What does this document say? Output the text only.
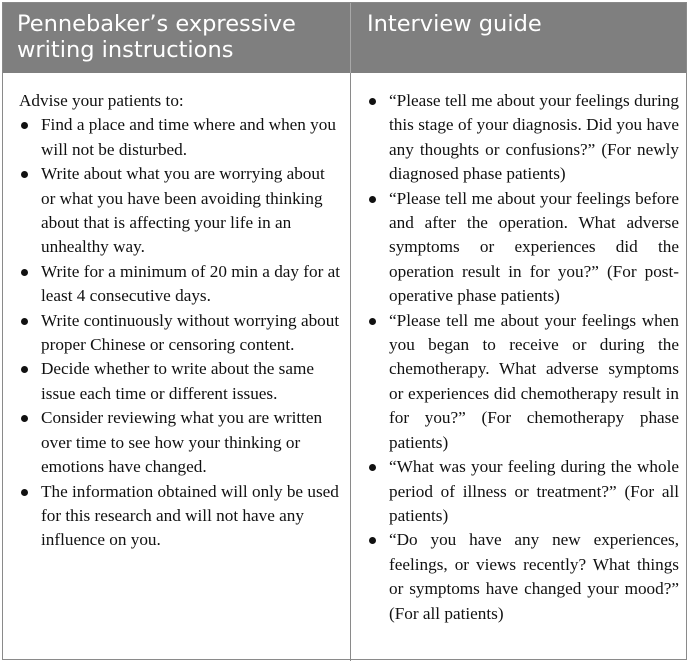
Pennebaker’s expressive writing instructions
Interview guide

Advise your patients to:

Find a place and time where and when you will not be disturbed.
Write about what you are worrying about or what you have been avoiding thinking about that is affecting your life in an unhealthy way.
Write for a minimum of 20 min a day for at least 4 consecutive days.
Write continuously without worrying about proper Chinese or censoring content.
Decide whether to write about the same issue each time or different issues.
Consider reviewing what you are written over time to see how your thinking or emotions have changed.
The information obtained will only be used for this research and will not have any influence on you.
“Please tell me about your feelings during this stage of your diagnosis. Did you have any thoughts or confusions?” (For newly diagnosed phase patients)
“Please tell me about your feelings before and after the operation. What adverse symptoms or experiences did the operation result in for you?” (For post-operative phase patients)
“Please tell me about your feelings when you began to receive or during the chemotherapy. What adverse symptoms or experiences did chemotherapy result in for you?” (For chemotherapy phase patients)
“What was your feeling during the whole period of illness or treatment?” (For all patients)
“Do you have any new experiences, feelings, or views recently? What things or symptoms have changed your mood?” (For all patients)
